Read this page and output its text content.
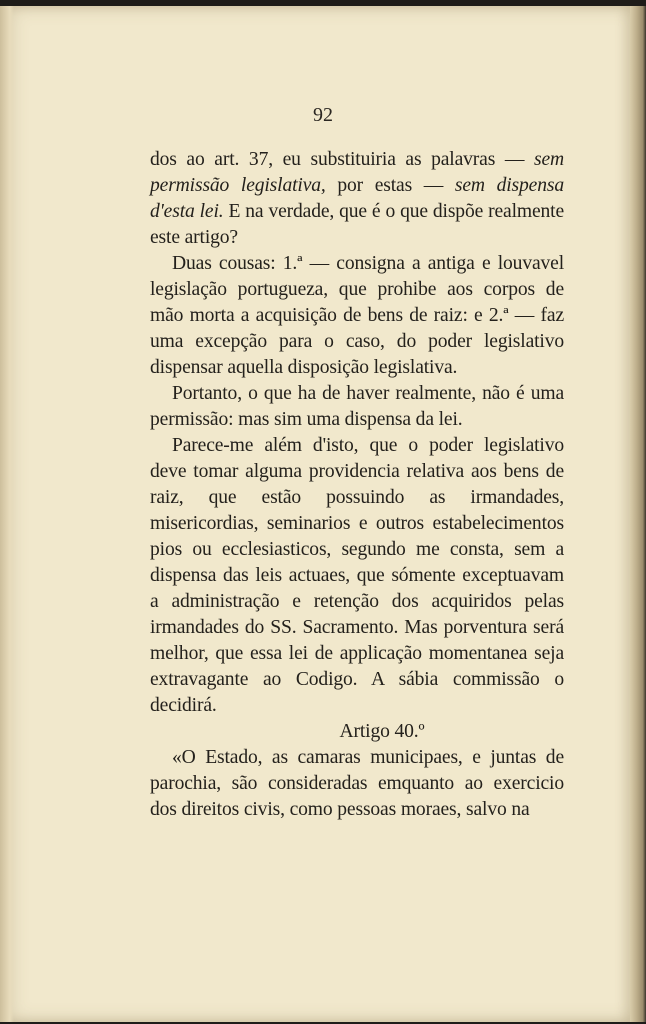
92

dos ao art. 37, eu substituiria as palavras — sem permissão legislativa, por estas — sem dispensa d'esta lei. E na verdade, que é o que dispõe realmente este artigo?

Duas cousas: 1.ª — consigna a antiga e louvavel legislação portugueza, que prohibe aos corpos de mão morta a acquisição de bens de raiz: e 2.ª — faz uma excepção para o caso, do poder legislativo dispensar aquella disposição legislativa.

Portanto, o que ha de haver realmente, não é uma permissão: mas sim uma dispensa da lei.

Parece-me além d'isto, que o poder legislativo deve tomar alguma providencia relativa aos bens de raiz, que estão possuindo as irmandades, misericordias, seminarios e outros estabelecimentos pios ou ecclesiasticos, segundo me consta, sem a dispensa das leis actuaes, que sómente exceptuavam a administração e retenção dos acquiridos pelas irmandades do SS. Sacramento. Mas porventura será melhor, que essa lei de applicação momentanea seja extravagante ao Codigo. A sábia commissão o decidirá.

Artigo 40.º

«O Estado, as camaras municipaes, e juntas de parochia, são consideradas emquanto ao exercicio dos direitos civis, como pessoas moraes, salvo na
